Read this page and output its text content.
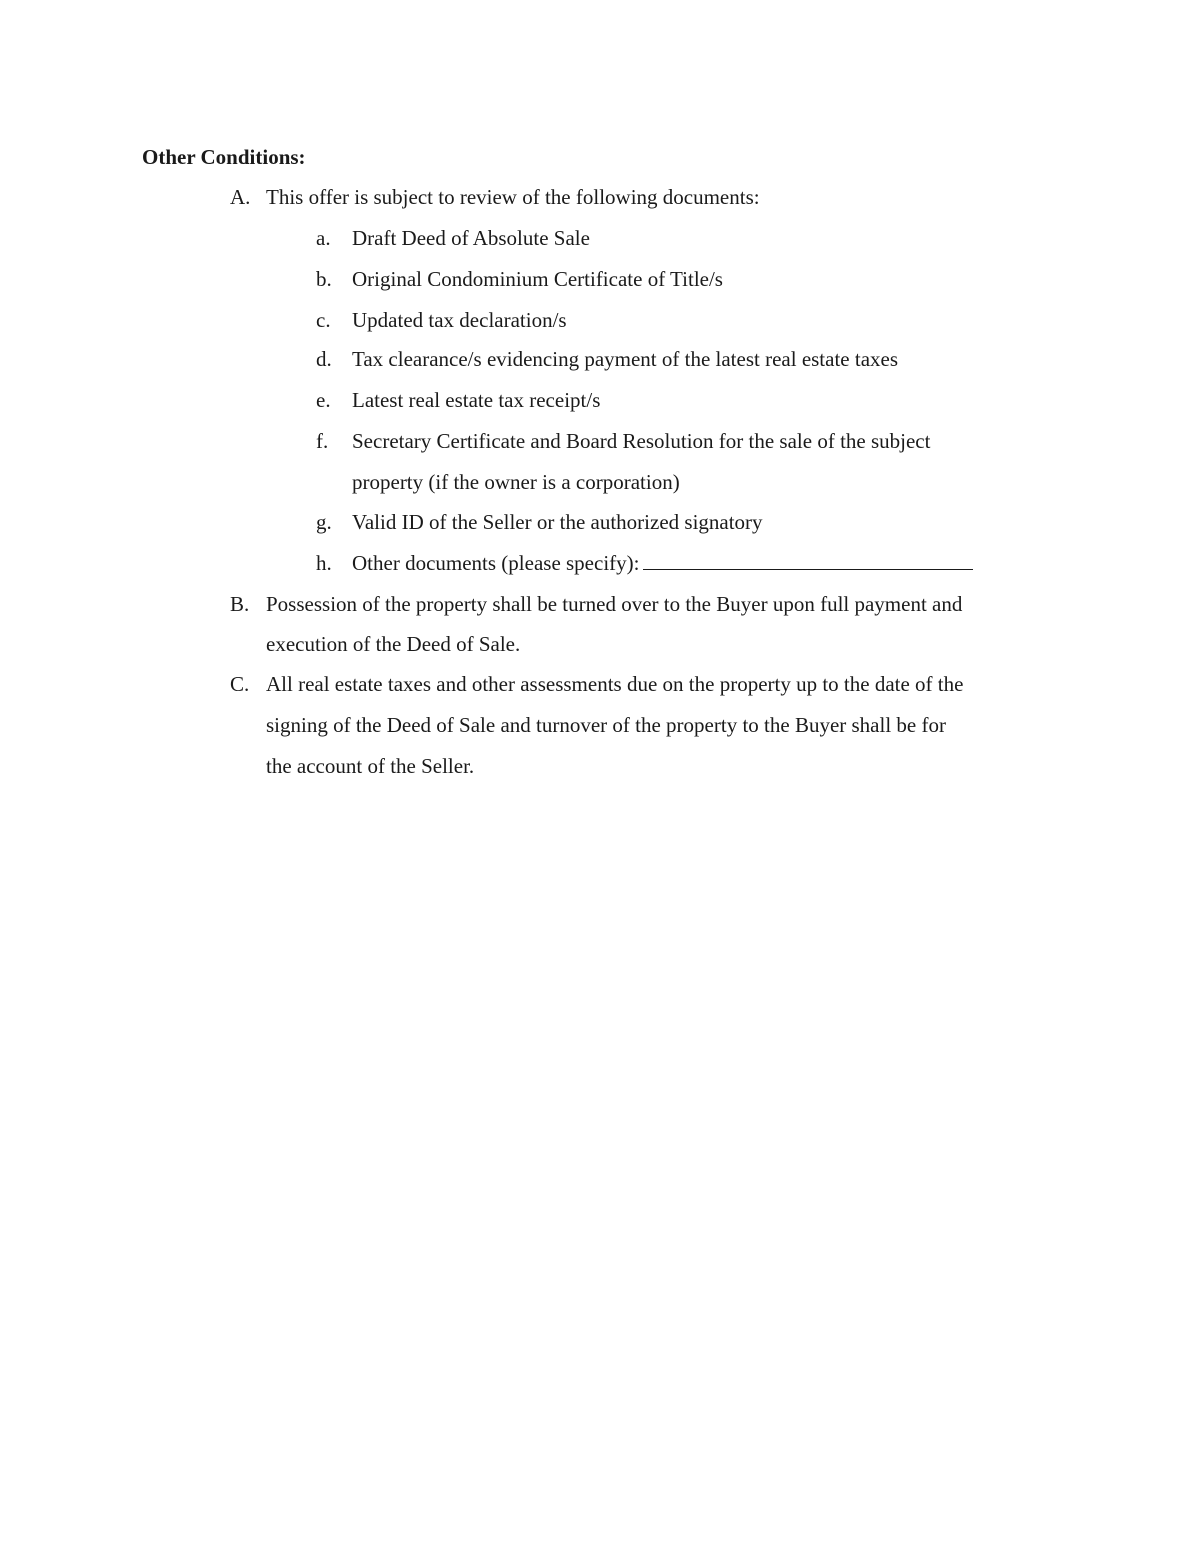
Other Conditions:
A. This offer is subject to review of the following documents:
a. Draft Deed of Absolute Sale
b. Original Condominium Certificate of Title/s
c. Updated tax declaration/s
d. Tax clearance/s evidencing payment of the latest real estate taxes
e. Latest real estate tax receipt/s
f. Secretary Certificate and Board Resolution for the sale of the subject
property (if the owner is a corporation)
g. Valid ID of the Seller or the authorized signatory
h. Other documents (please specify):
B. Possession of the property shall be turned over to the Buyer upon full payment and
execution of the Deed of Sale.
C. All real estate taxes and other assessments due on the property up to the date of the
signing of the Deed of Sale and turnover of the property to the Buyer shall be for
the account of the Seller.
